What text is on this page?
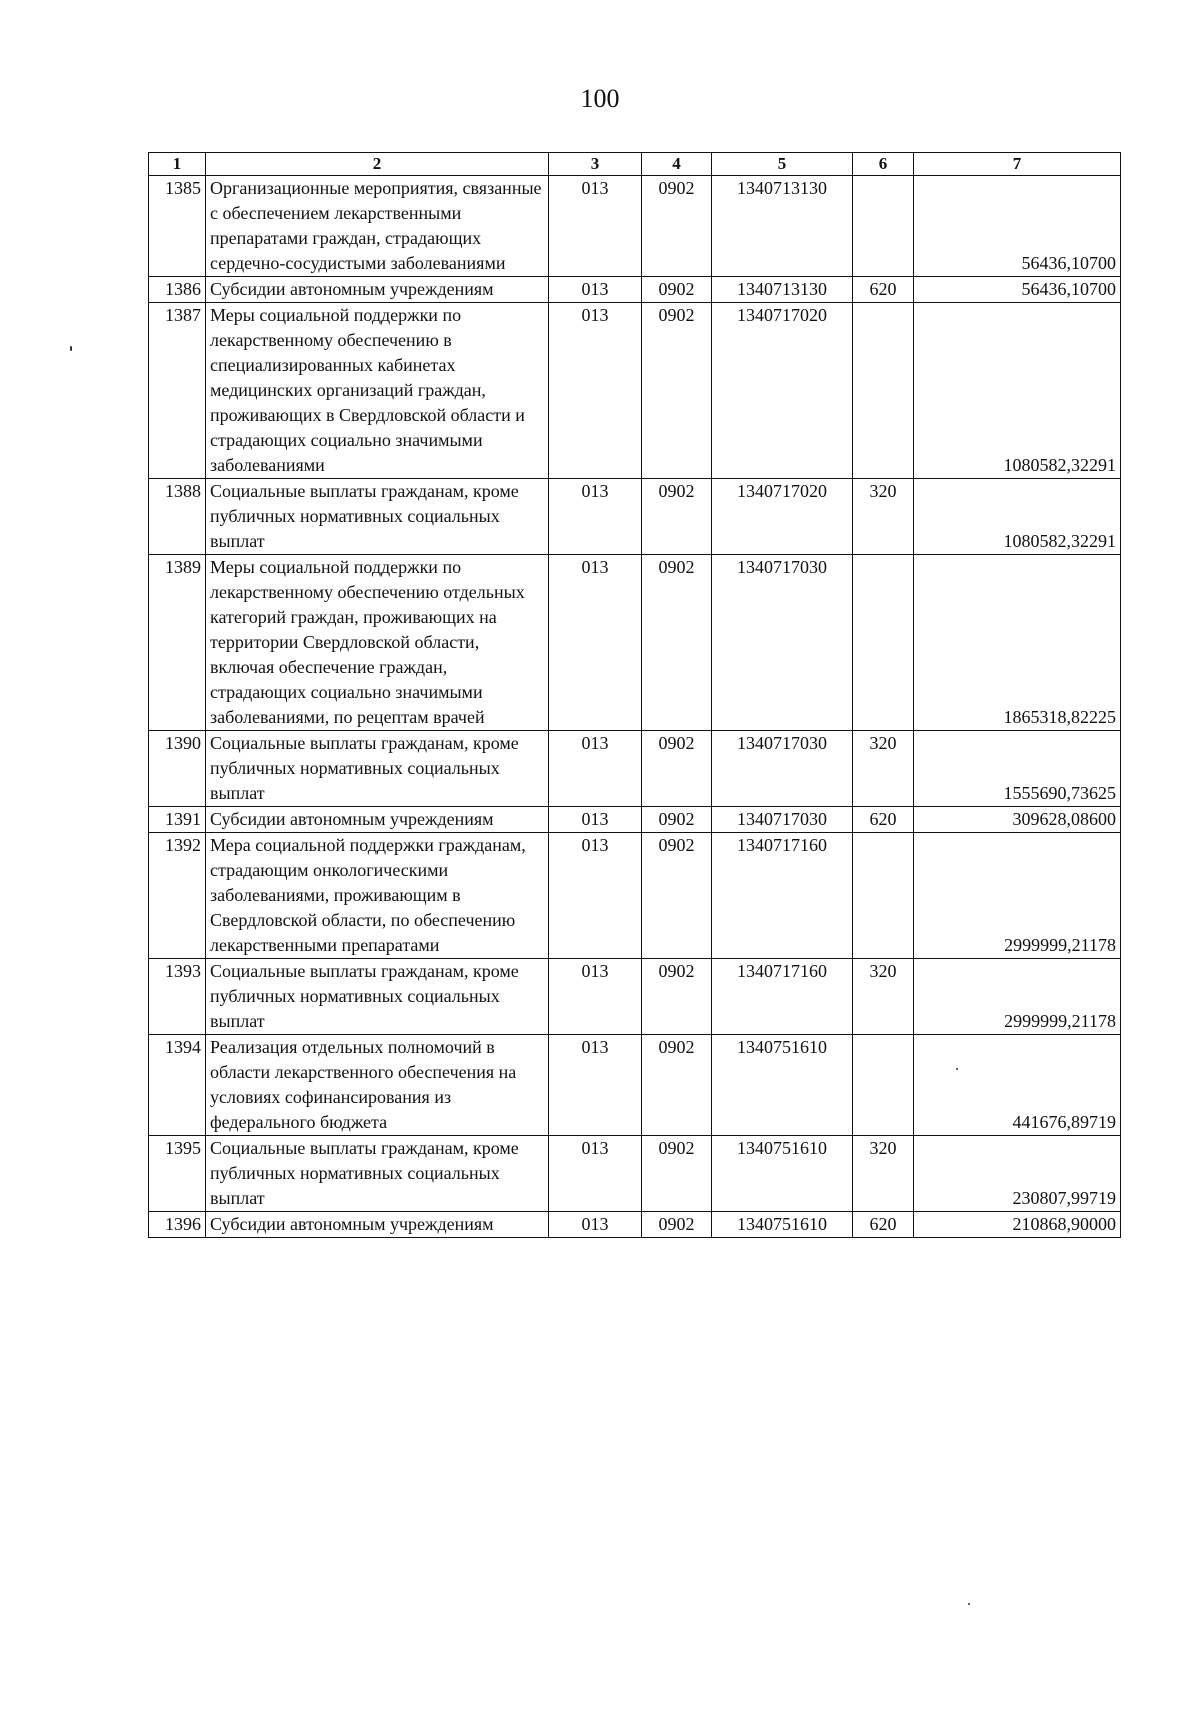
100
1	2	3	4	5	6	7
1385	Организационные мероприятия, связанные с обеспечением лекарственными препаратами граждан, страдающих сердечно-сосудистыми заболеваниями	013	0902	1340713130		56436,10700
1386	Субсидии автономным учреждениям	013	0902	1340713130	620	56436,10700
1387	Меры социальной поддержки по лекарственному обеспечению в специализированных кабинетах медицинских организаций граждан, проживающих в Свердловской области и страдающих социально значимыми заболеваниями	013	0902	1340717020		1080582,32291
1388	Социальные выплаты гражданам, кроме публичных нормативных социальных выплат	013	0902	1340717020	320	1080582,32291
1389	Меры социальной поддержки по лекарственному обеспечению отдельных категорий граждан, проживающих на территории Свердловской области, включая обеспечение граждан, страдающих социально значимыми заболеваниями, по рецептам врачей	013	0902	1340717030		1865318,82225
1390	Социальные выплаты гражданам, кроме публичных нормативных социальных выплат	013	0902	1340717030	320	1555690,73625
1391	Субсидии автономным учреждениям	013	0902	1340717030	620	309628,08600
1392	Мера социальной поддержки гражданам, страдающим онкологическими заболеваниями, проживающим в Свердловской области, по обеспечению лекарственными препаратами	013	0902	1340717160		2999999,21178
1393	Социальные выплаты гражданам, кроме публичных нормативных социальных выплат	013	0902	1340717160	320	2999999,21178
1394	Реализация отдельных полномочий в области лекарственного обеспечения на условиях софинансирования из федерального бюджета	013	0902	1340751610		441676,89719
1395	Социальные выплаты гражданам, кроме публичных нормативных социальных выплат	013	0902	1340751610	320	230807,99719
1396	Субсидии автономным учреждениям	013	0902	1340751610	620	210868,90000
